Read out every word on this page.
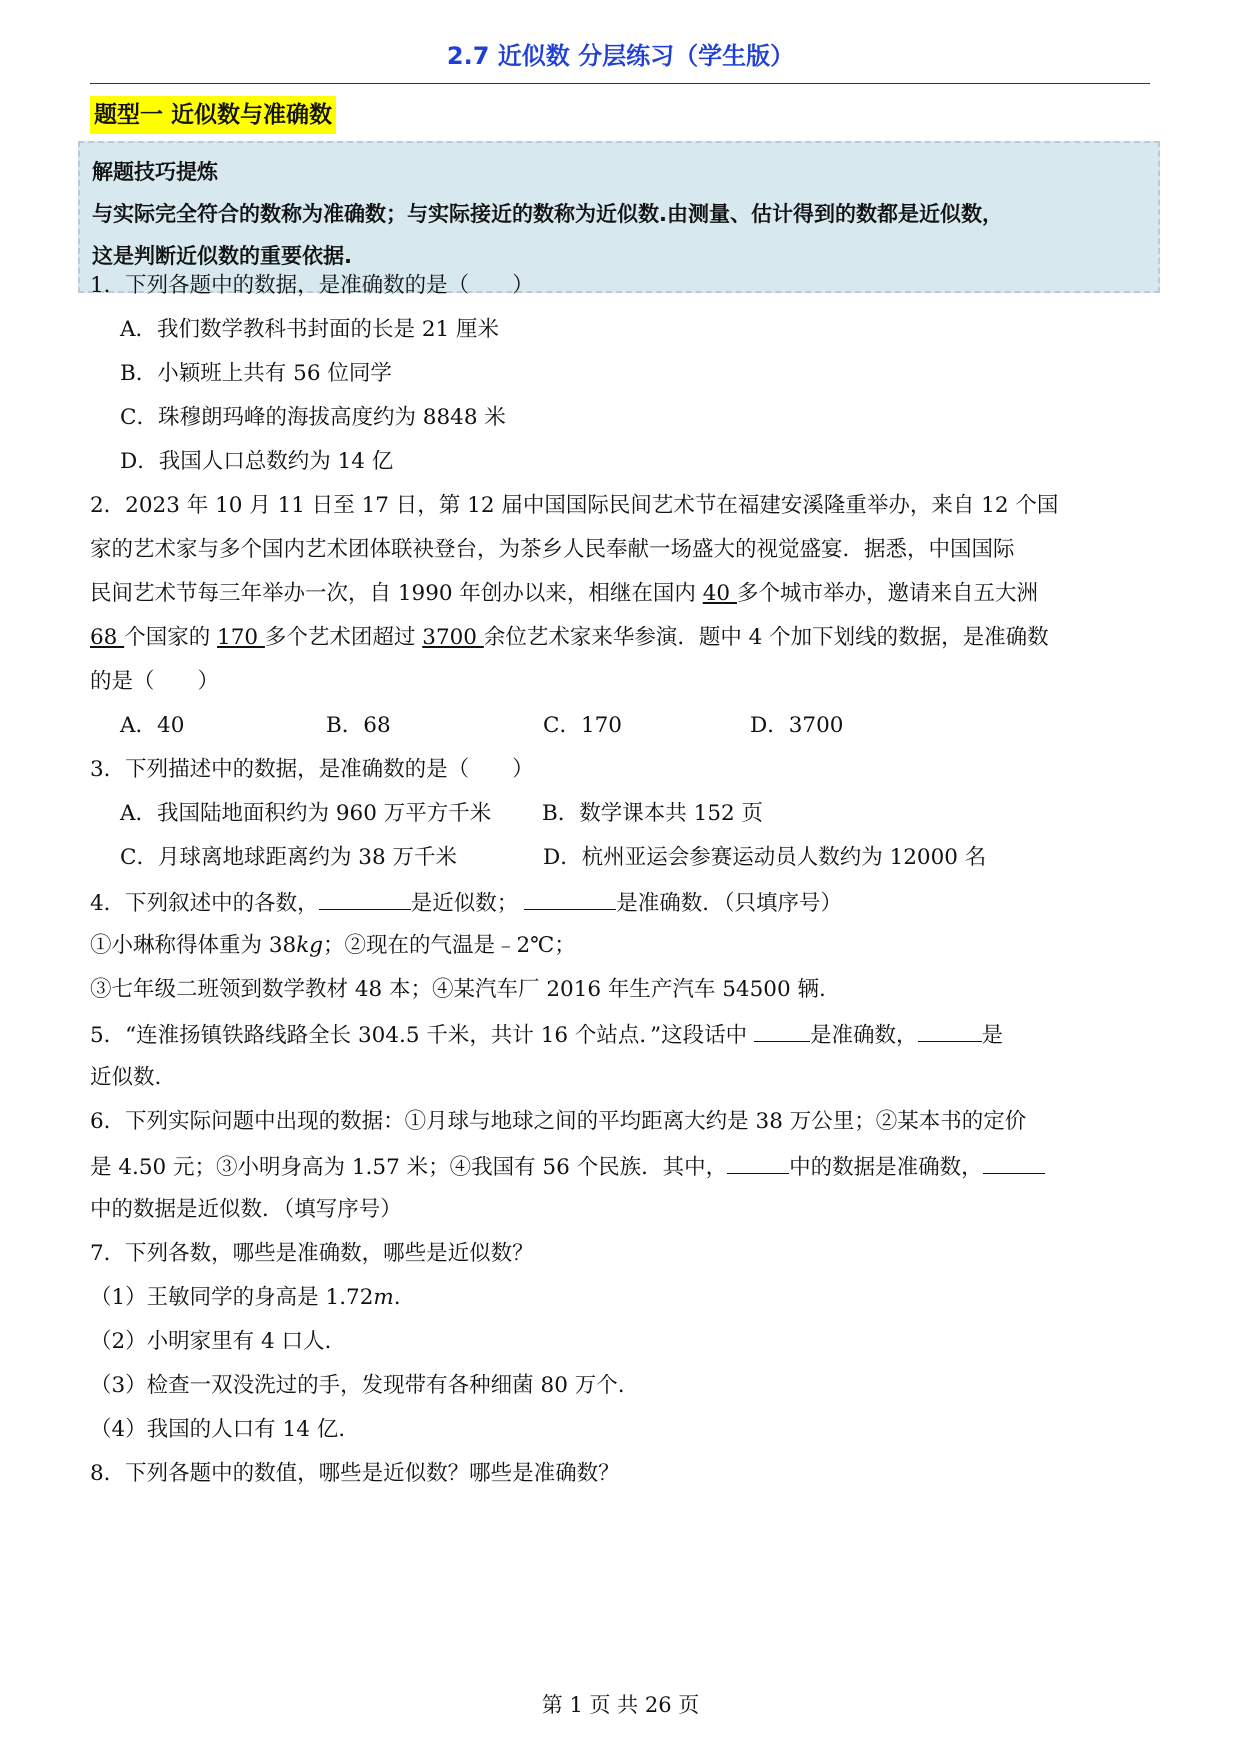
2.7 近似数 分层练习（学生版）
题型一 近似数与准确数
解题技巧提炼
与实际完全符合的数称为准确数；与实际接近的数称为近似数.由测量、估计得到的数都是近似数，
这是判断近似数的重要依据.
1．下列各题中的数据，是准确数的是（　　）
A．我们数学教科书封面的长是 21 厘米
B．小颖班上共有 56 位同学
C．珠穆朗玛峰的海拔高度约为 8848 米
D．我国人口总数约为 14 亿
2．2023 年 10 月 11 日至 17 日，第 12 届中国国际民间艺术节在福建安溪隆重举办，来自 12 个国
家的艺术家与多个国内艺术团体联袂登台，为茶乡人民奉献一场盛大的视觉盛宴．据悉，中国国际
民间艺术节每三年举办一次，自 1990 年创办以来，相继在国内 40 多个城市举办，邀请来自五大洲
68 个国家的 170 多个艺术团超过 3700 余位艺术家来华参演．题中 4 个加下划线的数据，是准确数
的是（　　）
A．40	B．68	C．170	D．3700
3．下列描述中的数据，是准确数的是（　　）
A．我国陆地面积约为 960 万平方千米 B．数学课本共 152 页
C．月球离地球距离约为 38 万千米	D．杭州亚运会参赛运动员人数约为 12000 名
4．下列叙述中的各数，	是近似数；	是准确数．（只填序号）
①小琳称得体重为 38kg；②现在的气温是﹣2℃；
③七年级二班领到数学教材 48 本；④某汽车厂 2016 年生产汽车 54500 辆.
5．“连淮扬镇铁路线路全长 304.5 千米，共计 16 个站点．”这段话中	是准确数，	是
近似数.
6．下列实际问题中出现的数据：①月球与地球之间的平均距离大约是 38 万公里；②某本书的定价
是 4.50 元；③小明身高为 1.57 米；④我国有 56 个民族．其中，	中的数据是准确数，
中的数据是近似数．（填写序号）
7．下列各数，哪些是准确数，哪些是近似数？
（1）王敏同学的身高是 1.72m.
（2）小明家里有 4 口人.
（3）检查一双没洗过的手，发现带有各种细菌 80 万个.
（4）我国的人口有 14 亿.
8．下列各题中的数值，哪些是近似数？哪些是准确数？
第 1 页 共 26 页
